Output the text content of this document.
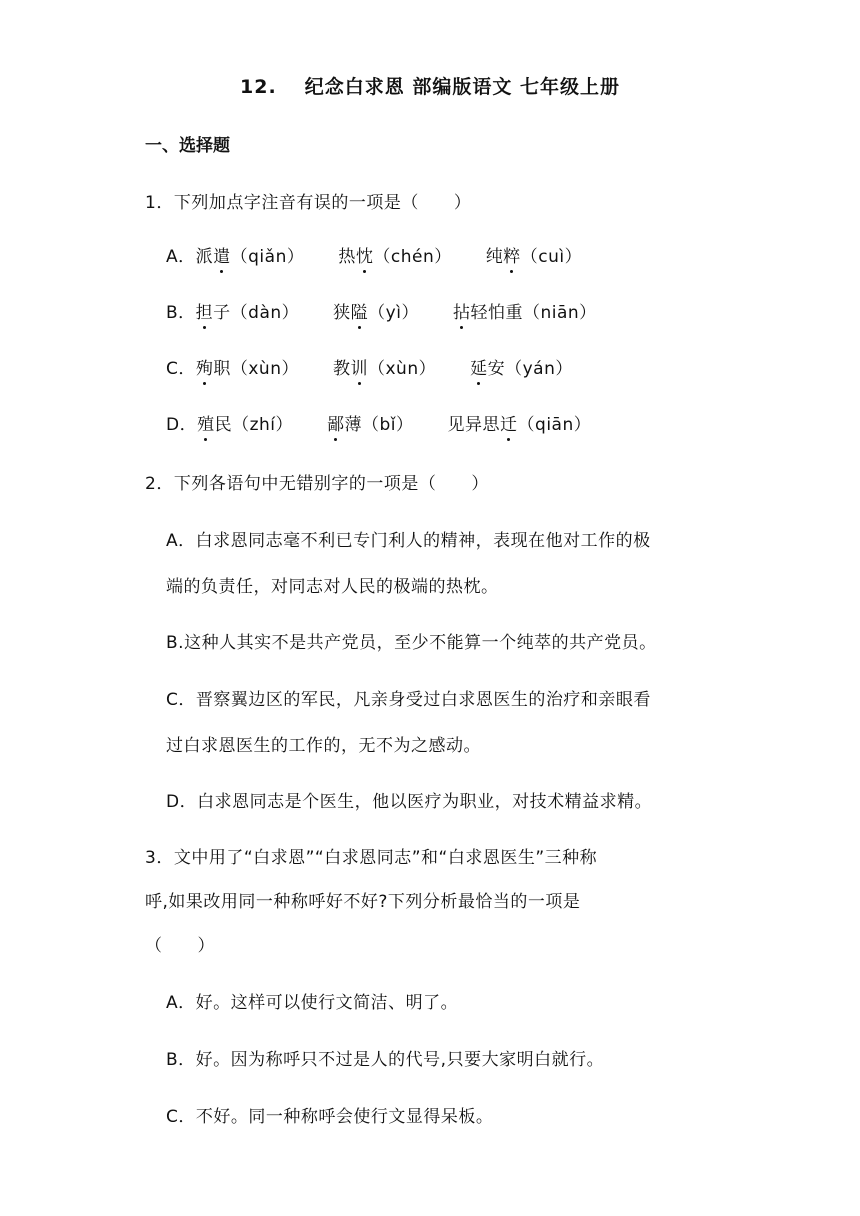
12. 纪念白求恩 部编版语文 七年级上册
一、选择题
1．下列加点字注音有误的一项是（　　）
A．派遣（qiǎn） 热忱（chén） 纯粹（cuì）
B．担子（dàn） 狭隘（yì） 拈轻怕重（niān）
C．殉职（xùn） 教训（xùn） 延安（yán）
D．殖民（zhí） 鄙薄（bǐ） 见异思迁（qiān）
2．下列各语句中无错别字的一项是（　　）
A．白求恩同志毫不利已专门利人的精神，表现在他对工作的极
端的负责任，对同志对人民的极端的热枕。
B.这种人其实不是共产党员，至少不能算一个纯萃的共产党员。
C．晋察翼边区的军民，凡亲身受过白求恩医生的治疗和亲眼看
过白求恩医生的工作的，无不为之感动。
D．白求恩同志是个医生，他以医疗为职业，对技术精益求精。
3．文中用了“白求恩”“白求恩同志”和“白求恩医生”三种称
呼,如果改用同一种称呼好不好?下列分析最恰当的一项是
（　　）
A．好。这样可以使行文简洁、明了。
B．好。因为称呼只不过是人的代号,只要大家明白就行。
C．不好。同一种称呼会使行文显得呆板。
